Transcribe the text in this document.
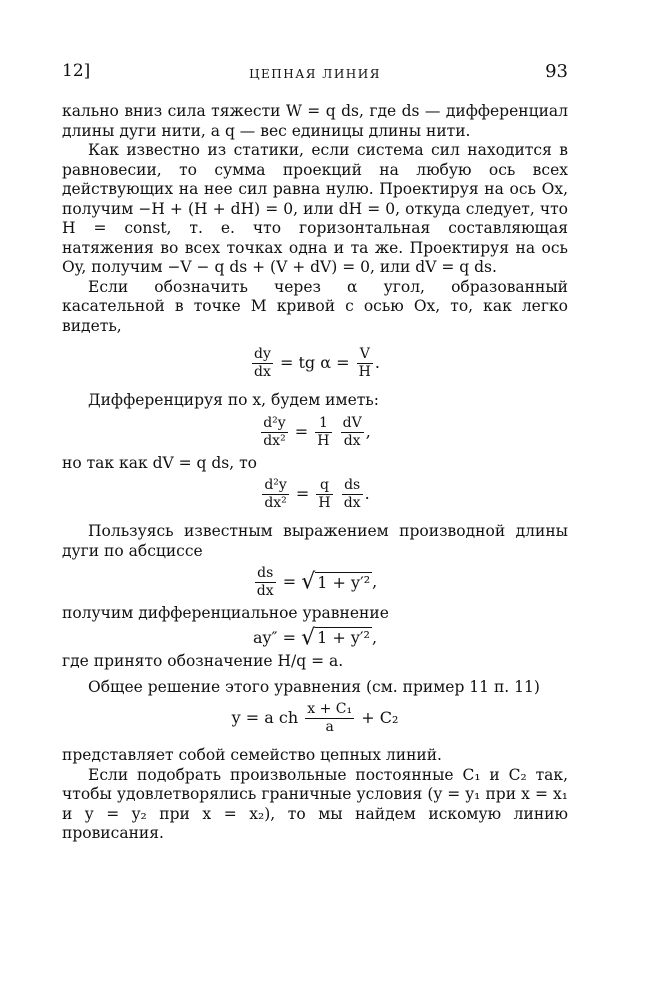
12]	ЦЕПНАЯ ЛИНИЯ	93

кально вниз сила тяжести W = q ds, где ds — дифференциал длины дуги нити, а q — вес единицы длины нити.

Как известно из статики, если система сил находится в равновесии, то сумма проекций на любую ось всех действующих на нее сил равна нулю. Проектируя на ось Ox, получим −H + (H + dH) = 0, или dH = 0, откуда следует, что H = const, т. е. что горизонтальная составляющая натяжения во всех точках одна и та же. Проектируя на ось Oy, получим −V − q ds + (V + dV) = 0, или dV = q ds.

Если обозначить через α угол, образованный касательной в точке M кривой с осью Ox, то, как легко видеть,

$\frac{dy}{dx}$ = tg $\alpha = \frac{V}{H}$ .

Дифференцируя по x, будем иметь:

$\frac{\text{d²y}}{\text{dx²}} = \frac{1}{H}$
$\frac{dV}{dx}$ ,

но так как dV = q ds, то

$\frac{\text{d²y}}{\text{dx²}} = \frac{q}{H}$
$\frac{ds}{dx}$ .

Пользуясь известным выражением производной длины дуги по абсциссе

$\frac{ds}{dx}$ = √ 1 + y′² ,

получим дифференциальное уравнение

ay″ = √ 1 + y′² ,

где принято обозначение H/q = a.

Общее решение этого уравнения (см. пример 11 п. 11)

y = a ch $\frac{\text{x + C₁}}{a} + C_2$

представляет собой семейство цепных линий.

Если подобрать произвольные постоянные C₁ и C₂ так, чтобы удовлетворялись граничные условия (y = y₁ при x = x₁ и y = y₂ при x = x₂), то мы найдем искомую линию провисания.
